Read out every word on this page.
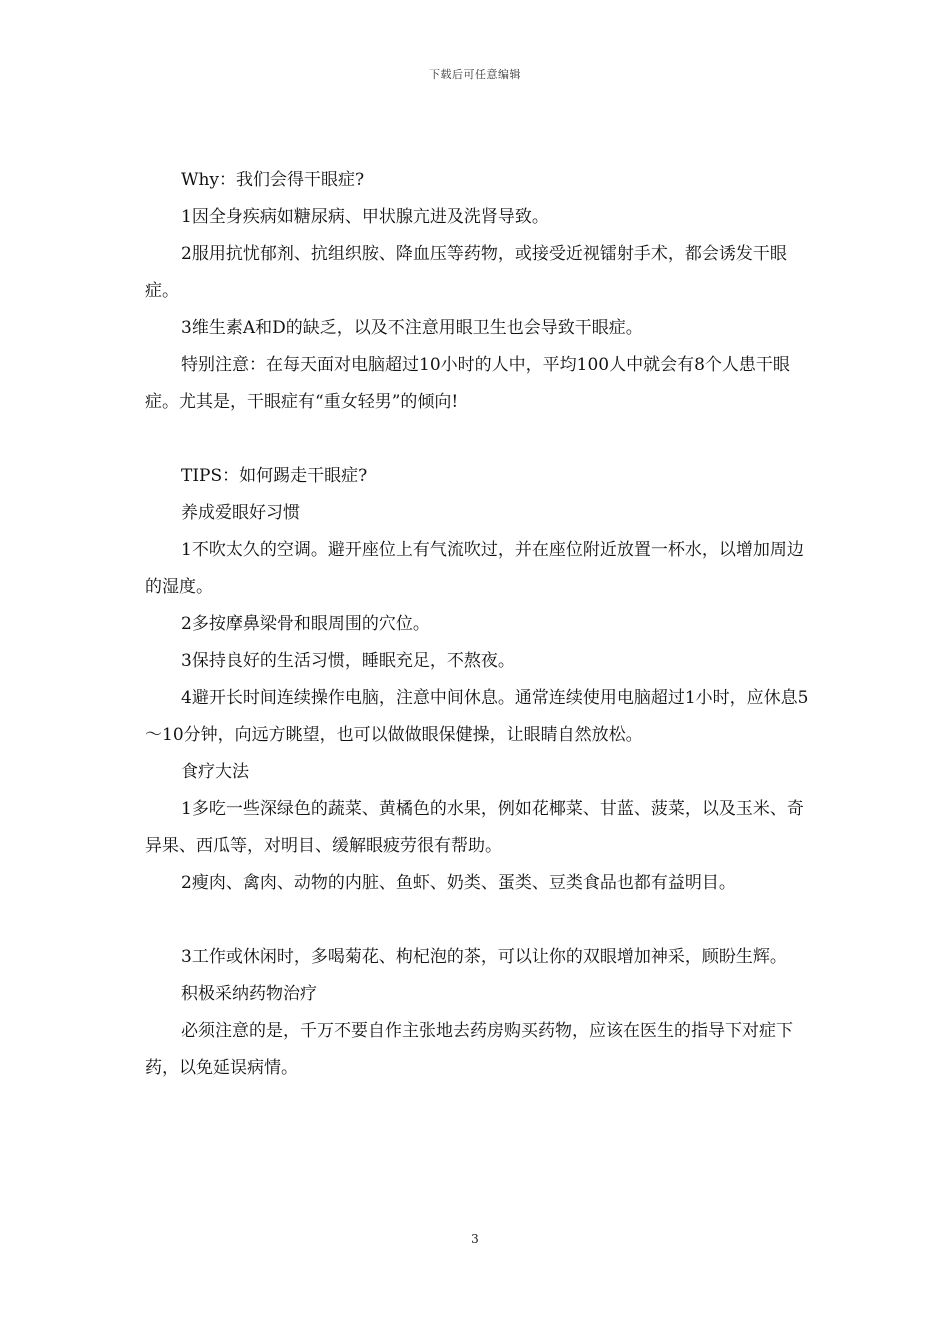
下载后可任意编辑

Why：我们会得干眼症?

1因全身疾病如糖尿病、甲状腺亢进及洗肾导致。

2服用抗忧郁剂、抗组织胺、降血压等药物，或接受近视镭射手术，都会诱发干眼症。

3维生素A和D的缺乏，以及不注意用眼卫生也会导致干眼症。

特别注意：在每天面对电脑超过10小时的人中，平均100人中就会有8个人患干眼症。尤其是，干眼症有“重女轻男”的倾向!

TIPS：如何踢走干眼症?

养成爱眼好习惯

1不吹太久的空调。避开座位上有气流吹过，并在座位附近放置一杯水，以增加周边的湿度。

2多按摩鼻梁骨和眼周围的穴位。

3保持良好的生活习惯，睡眠充足，不熬夜。

4避开长时间连续操作电脑，注意中间休息。通常连续使用电脑超过1小时，应休息5～10分钟，向远方眺望，也可以做做眼保健操，让眼睛自然放松。

食疗大法

1多吃一些深绿色的蔬菜、黄橘色的水果，例如花椰菜、甘蓝、菠菜，以及玉米、奇异果、西瓜等，对明目、缓解眼疲劳很有帮助。

2瘦肉、禽肉、动物的内脏、鱼虾、奶类、蛋类、豆类食品也都有益明目。

3工作或休闲时，多喝菊花、枸杞泡的茶，可以让你的双眼增加神采，顾盼生辉。

积极采纳药物治疗

必须注意的是，千万不要自作主张地去药房购买药物，应该在医生的指导下对症下药，以免延误病情。

3
